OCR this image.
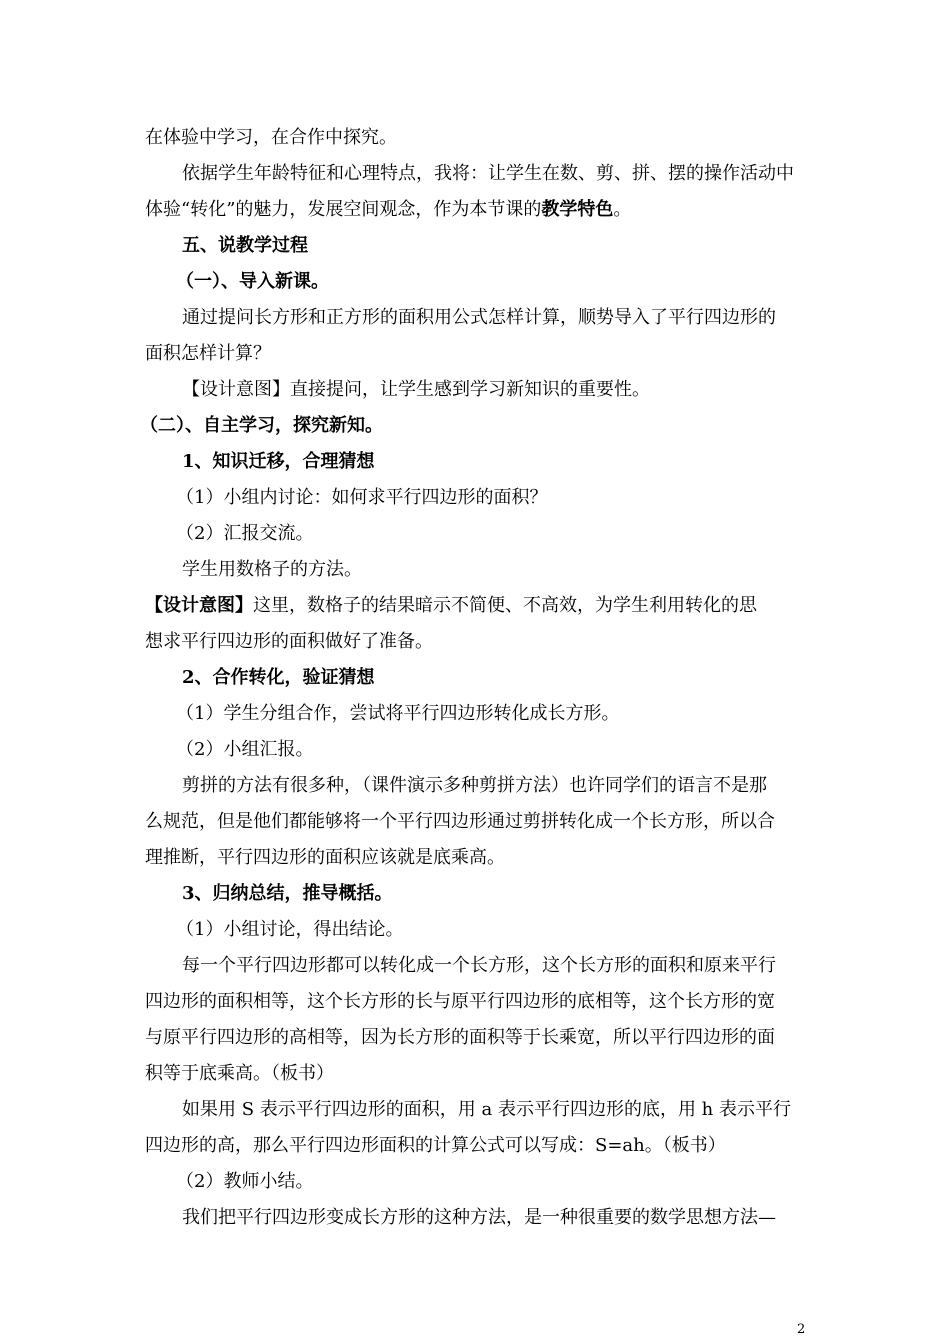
在体验中学习，在合作中探究。
依据学生年龄特征和心理特点，我将：让学生在数、剪、拼、摆的操作活动中
体验“转化”的魅力，发展空间观念，作为本节课的教学特色。
五、说教学过程
（一）、导入新课。
通过提问长方形和正方形的面积用公式怎样计算，顺势导入了平行四边形的
面积怎样计算？
【设计意图】直接提问，让学生感到学习新知识的重要性。
（二）、自主学习，探究新知。
1、知识迁移，合理猜想
（1）小组内讨论：如何求平行四边形的面积？
（2）汇报交流。
学生用数格子的方法。
【设计意图】这里，数格子的结果暗示不简便、不高效，为学生利用转化的思
想求平行四边形的面积做好了准备。
2、合作转化，验证猜想
（1）学生分组合作，尝试将平行四边形转化成长方形。
（2）小组汇报。
剪拼的方法有很多种，（课件演示多种剪拼方法）也许同学们的语言不是那
么规范，但是他们都能够将一个平行四边形通过剪拼转化成一个长方形，所以合
理推断，平行四边形的面积应该就是底乘高。
3、归纳总结，推导概括。
（1）小组讨论，得出结论。
每一个平行四边形都可以转化成一个长方形，这个长方形的面积和原来平行
四边形的面积相等，这个长方形的长与原平行四边形的底相等，这个长方形的宽
与原平行四边形的高相等，因为长方形的面积等于长乘宽，所以平行四边形的面
积等于底乘高。（板书）
如果用 S 表示平行四边形的面积，用 a 表示平行四边形的底，用 h 表示平行
四边形的高，那么平行四边形面积的计算公式可以写成：S=ah。（板书）
（2）教师小结。
我们把平行四边形变成长方形的这种方法，是一种很重要的数学思想方法—
2
